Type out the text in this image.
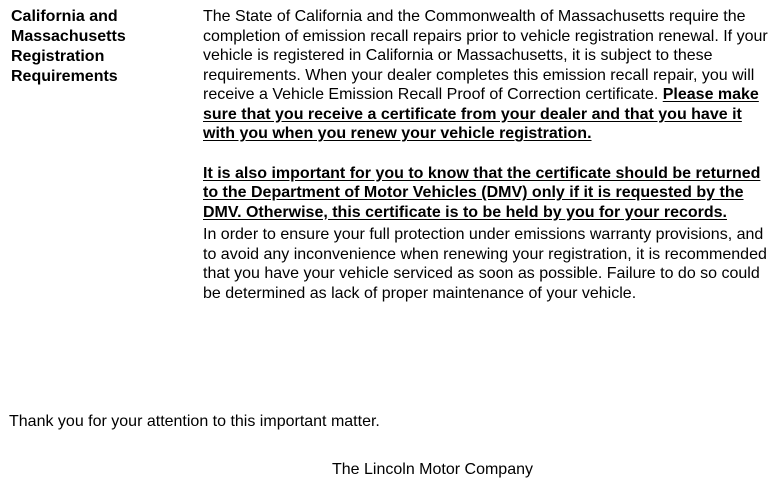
California and
Massachusetts
Registration
Requirements

The State of California and the Commonwealth of Massachusetts require the completion of emission recall repairs prior to vehicle registration renewal. If your vehicle is registered in California or Massachusetts, it is subject to these requirements. When your dealer completes this emission recall repair, you will receive a Vehicle Emission Recall Proof of Correction certificate. Please make sure that you receive a certificate from your dealer and that you have it with you when you renew your vehicle registration.

It is also important for you to know that the certificate should be returned to the Department of Motor Vehicles (DMV) only if it is requested by the DMV. Otherwise, this certificate is to be held by you for your records.

In order to ensure your full protection under emissions warranty provisions, and to avoid any inconvenience when renewing your registration, it is recommended that you have your vehicle serviced as soon as possible. Failure to do so could be determined as lack of proper maintenance of your vehicle.

Thank you for your attention to this important matter.

The Lincoln Motor Company
